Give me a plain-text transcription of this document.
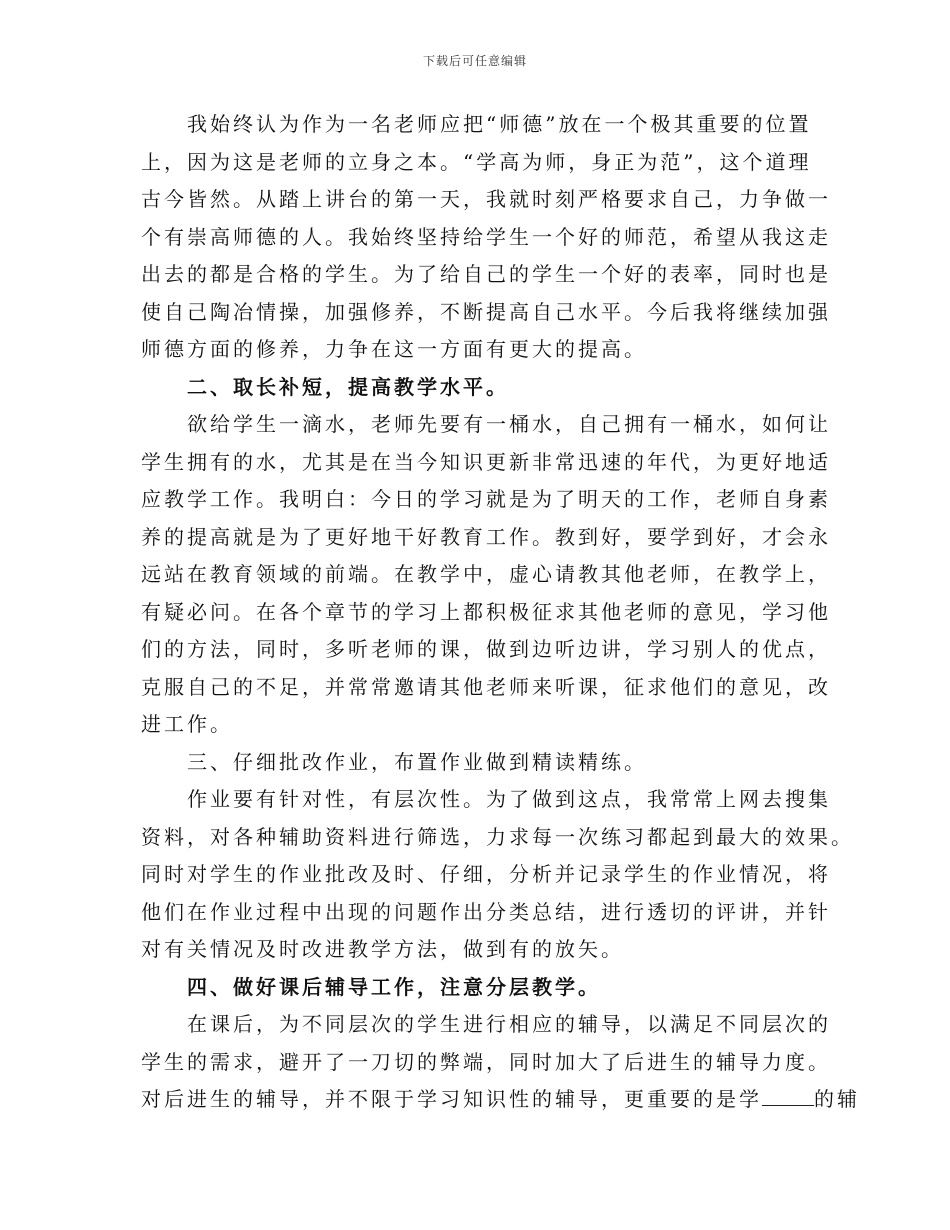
下载后可任意编辑
我始终认为作为一名老师应把“师德”放在一个极其重要的位置
上，因为这是老师的立身之本。“学高为师，身正为范”，这个道理
古今皆然。从踏上讲台的第一天，我就时刻严格要求自己，力争做一
个有崇高师德的人。我始终坚持给学生一个好的师范，希望从我这走
出去的都是合格的学生。为了给自己的学生一个好的表率，同时也是
使自己陶冶情操，加强修养，不断提高自己水平。今后我将继续加强
师德方面的修养，力争在这一方面有更大的提高。
二、取长补短，提高教学水平。
欲给学生一滴水，老师先要有一桶水，自己拥有一桶水，如何让
学生拥有的水，尤其是在当今知识更新非常迅速的年代，为更好地适
应教学工作。我明白：今日的学习就是为了明天的工作，老师自身素
养的提高就是为了更好地干好教育工作。教到好，要学到好，才会永
远站在教育领域的前端。在教学中，虚心请教其他老师，在教学上，
有疑必问。在各个章节的学习上都积极征求其他老师的意见，学习他
们的方法，同时，多听老师的课，做到边听边讲，学习别人的优点，
克服自己的不足，并常常邀请其他老师来听课，征求他们的意见，改
进工作。
三、仔细批改作业，布置作业做到精读精练。
作业要有针对性，有层次性。为了做到这点，我常常上网去搜集
资料，对各种辅助资料进行筛选，力求每一次练习都起到最大的效果。
同时对学生的作业批改及时、仔细，分析并记录学生的作业情况，将
他们在作业过程中出现的问题作出分类总结，进行透切的评讲，并针
对有关情况及时改进教学方法，做到有的放矢。
四、做好课后辅导工作，注意分层教学。
在课后，为不同层次的学生进行相应的辅导，以满足不同层次的
学生的需求，避开了一刀切的弊端，同时加大了后进生的辅导力度。
对后进生的辅导，并不限于学习知识性的辅导，更重要的是学	的辅
